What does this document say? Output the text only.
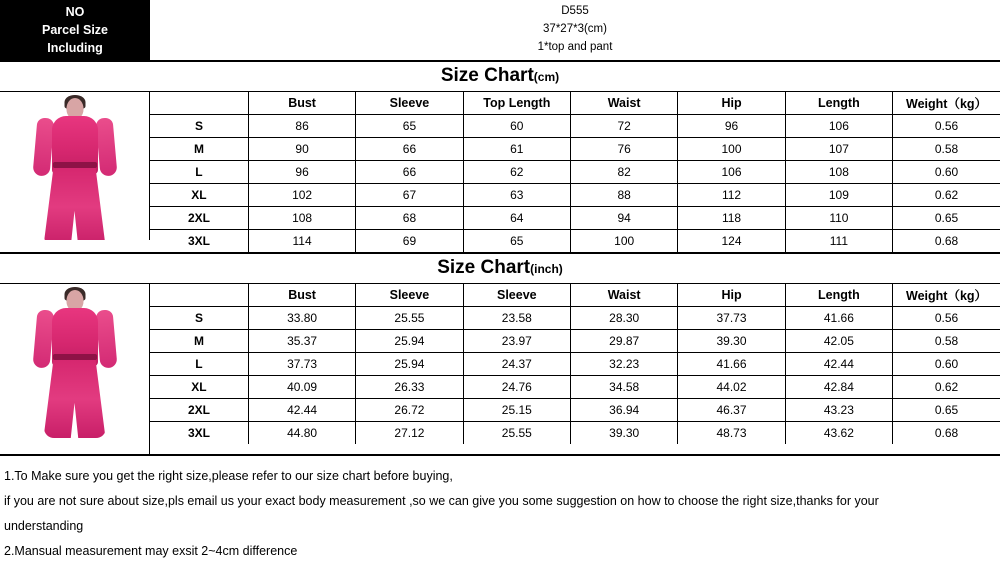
NO
Parcel Size
Including
D555
37*27*3(cm)
1*top and pant
Size Chart(cm)
	Bust	Sleeve	Top Length	Waist	Hip	Length	Weight（kg）
S	86	65	60	72	96	106	0.56
M	90	66	61	76	100	107	0.58
L	96	66	62	82	106	108	0.60
XL	102	67	63	88	112	109	0.62
2XL	108	68	64	94	118	110	0.65
3XL	114	69	65	100	124	111	0.68
Size Chart(inch)
	Bust	Sleeve	Sleeve	Waist	Hip	Length	Weight（kg）
S	33.80	25.55	23.58	28.30	37.73	41.66	0.56
M	35.37	25.94	23.97	29.87	39.30	42.05	0.58
L	37.73	25.94	24.37	32.23	41.66	42.44	0.60
XL	40.09	26.33	24.76	34.58	44.02	42.84	0.62
2XL	42.44	26.72	25.15	36.94	46.37	43.23	0.65
3XL	44.80	27.12	25.55	39.30	48.73	43.62	0.68

1.To Make sure you get the right size,please refer to our size chart before buying,

if you are not sure about size,pls email us your exact body measurement ,so we can give you some suggestion on how to choose the right size,thanks for your

understanding

2.Mansual measurement may exsit 2~4cm difference
